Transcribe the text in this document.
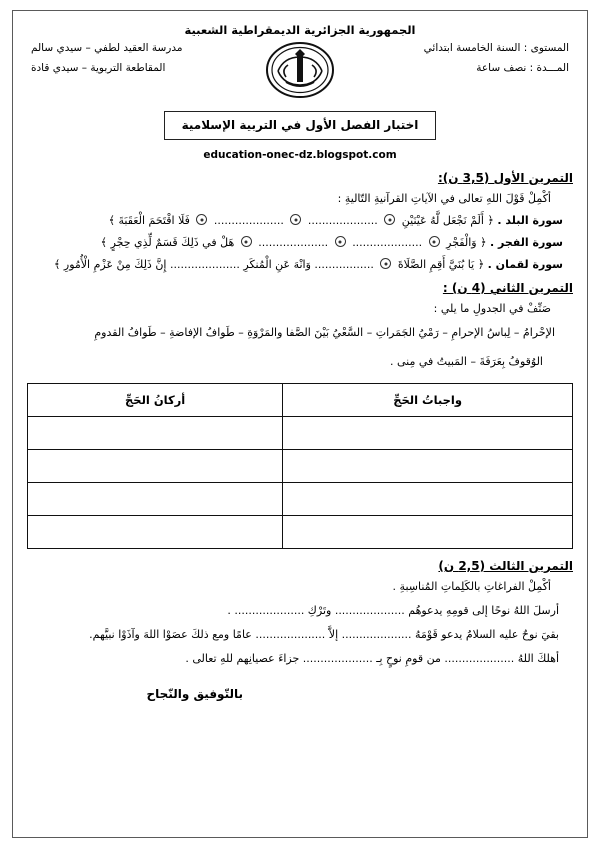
الجمهورية الجزائرية الديمقراطية الشعبية
المستوى : السنة الخامسة ابتدائي
المـــدة : نصف ساعة
مدرسة العقيد لطفي – سيدي سالم
المقاطعة التربوية – سيدي قادة
اختبار الفصل الأول في التربية الإسلامية
education-onec-dz.blogspot.com
التمرين الأول (3,5 ن):
أكْمِلْ قَوْلَ اللهِ تعالى في الآياتِ القرآنيةِ التّاليةِ :
سورة البلد . ﴿ أَلَمْ نَجْعَل لَّهُ عَيْنَيْنِ  ....................  ....................  فَلَا اقْتَحَمَ الْعَقَبَةَ ﴾
سورة الفجر . ﴿ وَالْفَجْرِ  ....................  ....................  هَلْ في ذَلِكَ قَسَمٌ لِّذِي حِجْرٍ ﴾
سورة لقمان . ﴿ يَا بُنَيَّ أَقِمِ الصَّلَاةَ  ................. وَانْهَ عَنِ الْمُنكَرِ .................... إِنَّ ذَلِكَ مِنْ عَزْمِ الْأُمُورِ ﴾
التمرين الثاني (4 ن) :
صَنِّفْ في الجدولِ ما يلي :
الإحْرامُ – لِباسُ الإحرامِ – رَمْيُ الجَمَراتِ – السَّعْيُ بَيْنَ الصَّفا والمَرْوَةِ – طَوافُ الإفاضةِ – طَوافُ القدومِ
الوُقوفُ بِعَرَفَةَ – المَبيتُ في مِنى .
واجباتُ الحَجِّ	أركانُ الحَجِّ

التمرين الثالث (2,5 ن)
أكْمِلْ الفراغاتِ بالكَلِماتِ المُناسِبةِ .
أرسلَ اللهُ نوحًا إلى قومِهِ يدعوهُم .................... وتَرْكِ .................... .
بقيَ نوحٌ عليه السلامُ يدعو قَوْمَهُ .................... إلاَّ .................... عامًا ومع ذلكَ عصَوْا اللهَ وآذَوْا نبيَّهم.
أهلكَ اللهُ .................... من قومِ نوحٍ بِـ .................... جزاءَ عصيانِهم للهِ تعالى .
بالتّوفيق والنّجاح
